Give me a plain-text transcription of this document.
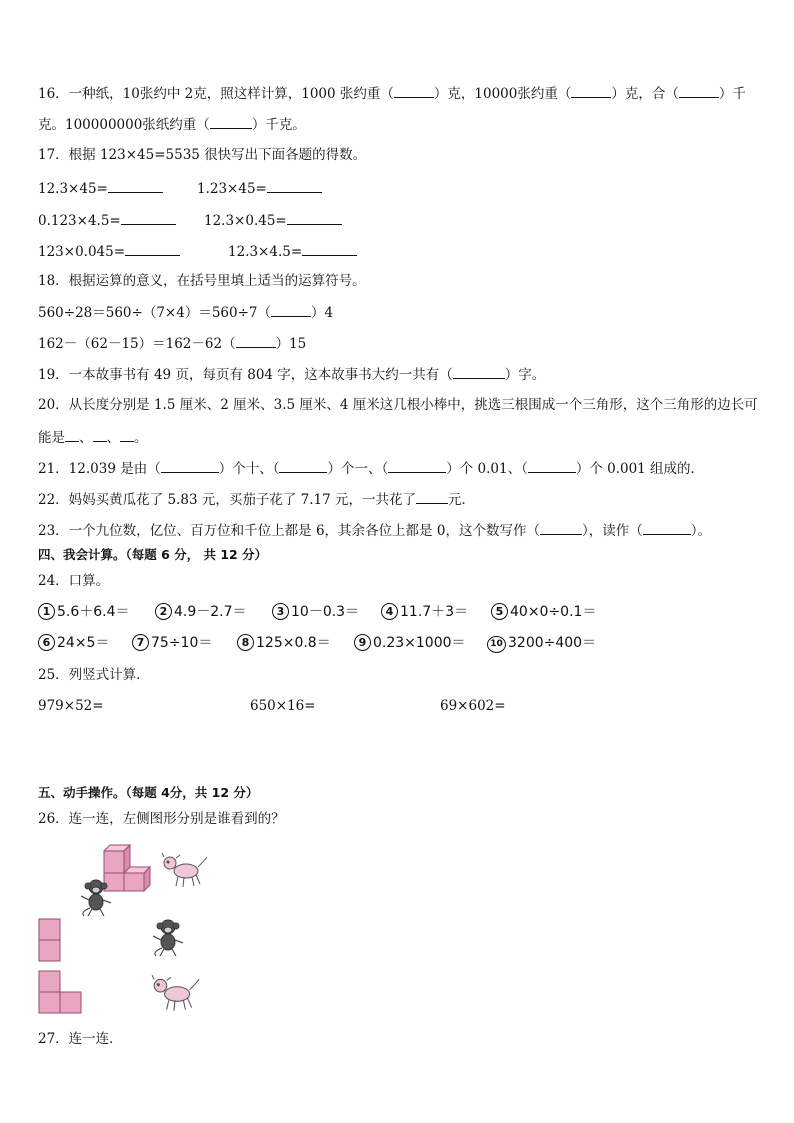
16．一种纸，10张约中 2克，照这样计算，1000 张约重（	）克，10000张约重（	）克，合（	）千
克。100000000张纸约重（	）千克。
17．根据 123×45=5535 很快写出下面各题的得数。
12.3×45=	1.23×45=
0.123×4.5=	12.3×0.45=
123×0.045=	12.3×4.5=
18．根据运算的意义，在括号里填上适当的运算符号。
560÷28＝560÷（7×4）＝560÷7（	）4
162－（62－15）＝162－62（	）15
19．一本故事书有 49 页，每页有 804 字，这本故事书大约一共有（	）字。
20．从长度分别是 1.5 厘米、2 厘米、3.5 厘米、4 厘米这几根小棒中，挑选三根围成一个三角形，这个三角形的边长可
能是 、 、 。
21．12.039 是由（	）个十、（	）个一、（	）个 0.01、（	）个 0.001 组成的．
22．妈妈买黄瓜花了 5.83 元，买茄子花了 7.17 元，一共花了 元．
23．一个九位数，亿位、百万位和千位上都是 6，其余各位上都是 0，这个数写作（	），读作（	）。
四、我会计算。（每题 6 分， 共 12 分）
24．口算。
1 5.6＋6.4＝	2 4.9－2.7＝	3 10－0.3＝	4 11.7＋3＝	5 40×0÷0.1＝
6 24×5＝	7 75÷10＝	8 125×0.8＝	9 0.23×1000＝	10 3200÷400＝
25．列竖式计算．
979×52=	650×16=	69×602=
五、动手操作。（每题 4分，共 12 分）
26．连一连，左侧图形分别是谁看到的？
27．连一连．
